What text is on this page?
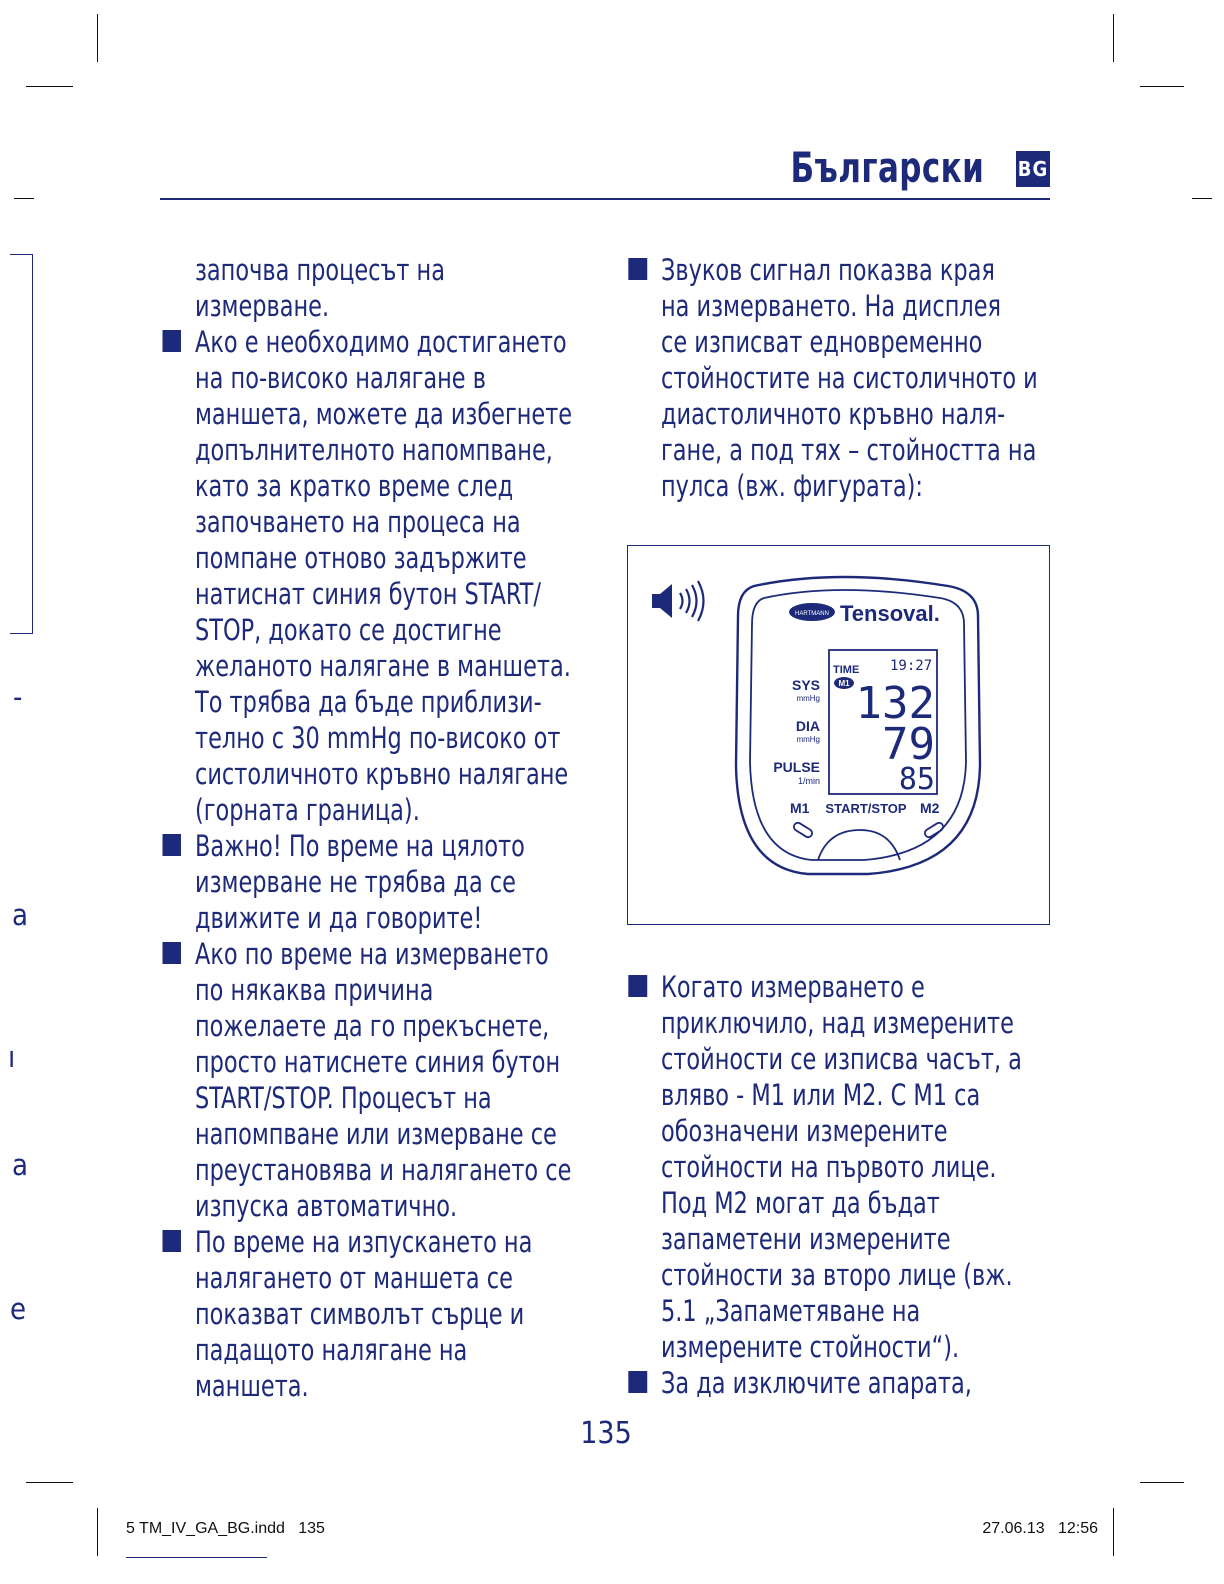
-
а
ı
а
е
Български BG

започва процесът на

измерване.

Ако е необходимо достигането

на по-високо налягане в

маншета, можете да избегнете

допълнителното напомпване,

като за кратко време след

започването на процеса на

помпане отново задържите

натиснат синия бутон START/

STOP, докато се достигне

желаното налягане в маншета.

То трябва да бъде приблизи-

телно с 30 mmHg по-високо от

систоличното кръвно налягане

(горната граница).

Важно! По време на цялото

измерване не трябва да се

движите и да говорите!

Ако по време на измерването

по някаква причина

пожелаете да го прекъснете,

просто натиснете синия бутон

START/STOP. Процесът на

напомпване или измерване се

преустановява и налягането се

изпуска автоматично.

По време на изпускането на

налягането от маншета се

показват символът сърце и

падащото налягане на

маншета.

Звуков сигнал показва края

на измерването. На дисплея

се изписват едновременно

стойностите на систоличното и

диастоличното кръвно наля-

гане, а под тях – стойността на

пулса (вж. фигурата):

HARTMANN Tensoval.
TIME
M1
19:27
132
79
85
SYS
mmHg
DIA
mmHg
PULSE
1/min
M1 START/STOP M2

Когато измерването е

приключило, над измерените

стойности се изписва часът, а

вляво - M1 или M2. С M1 са

обозначени измерените

стойности на първото лице.

Под M2 могат да бъдат

запаметени измерените

стойности за второ лице (вж.

5.1 „Запаметяване на

измерените стойности“).

За да изключите апарата,

135
5 TM_IV_GA_BG.indd   135	27.06.13   12:56
